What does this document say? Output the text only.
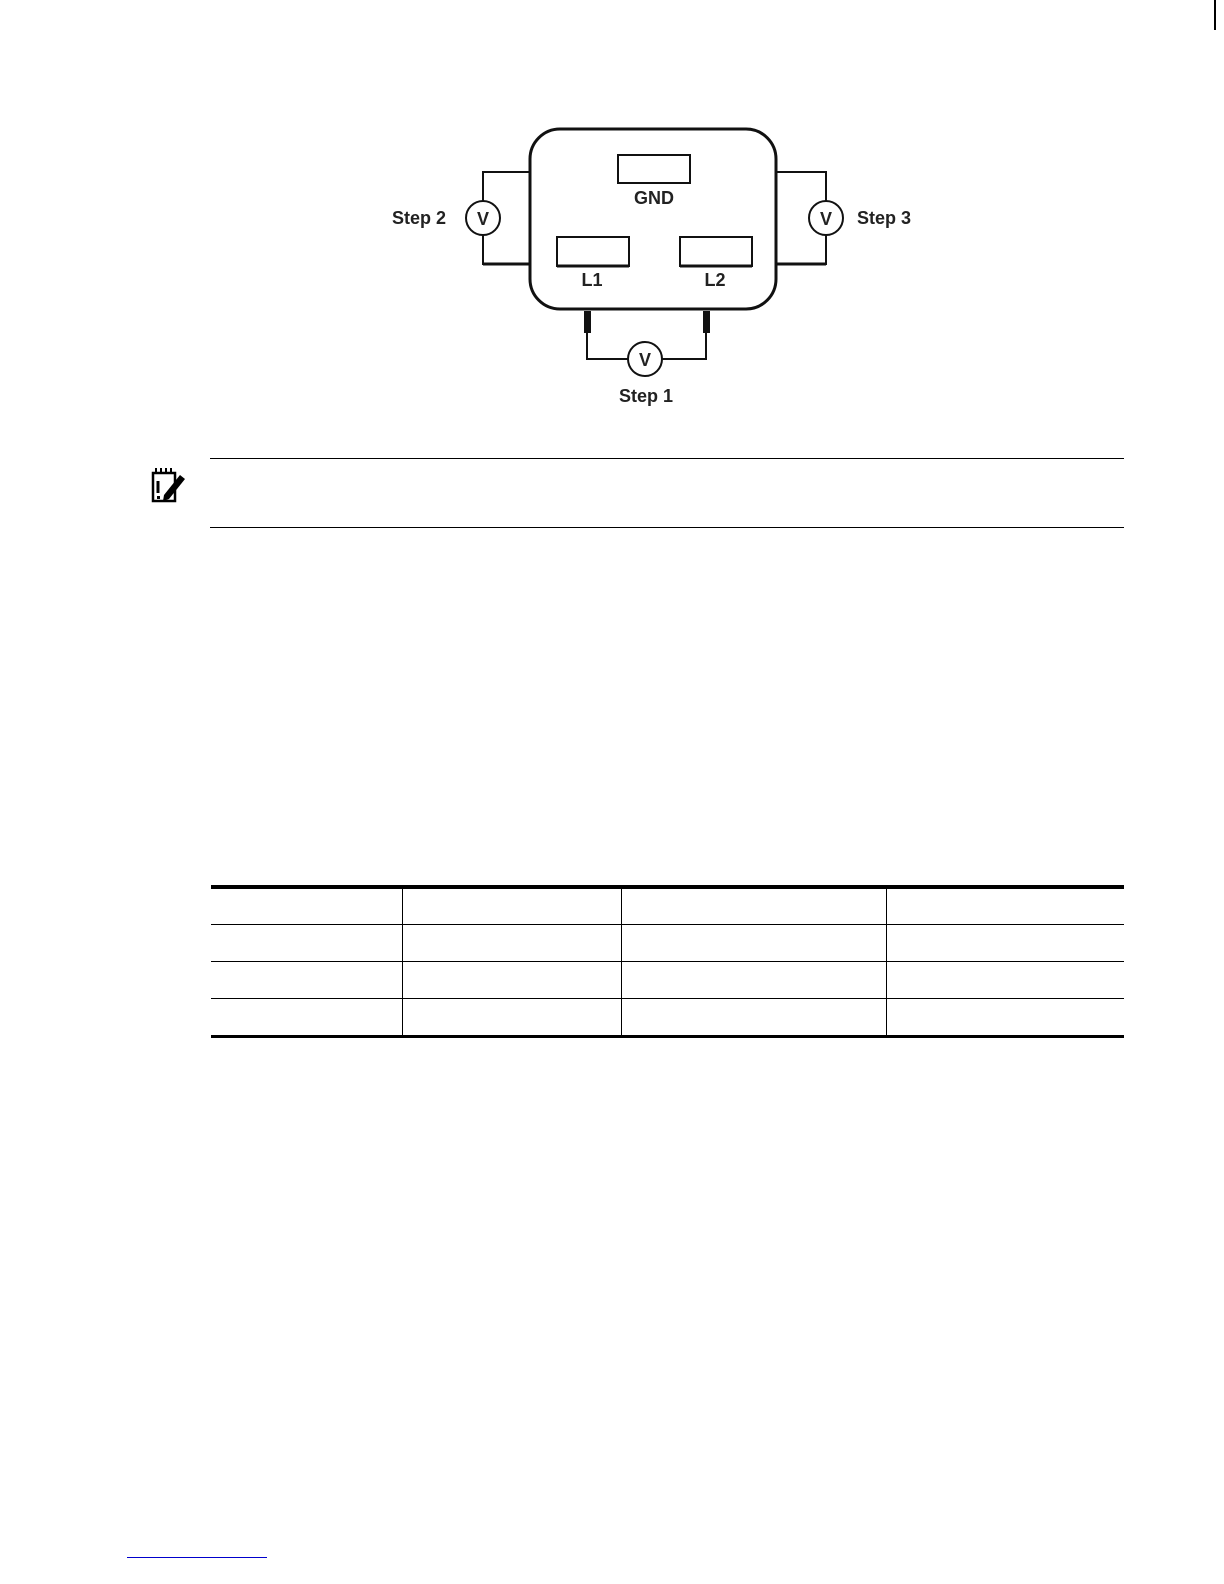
GND
L1	L2
V
Step 2	V Step 3
V
Step 1
